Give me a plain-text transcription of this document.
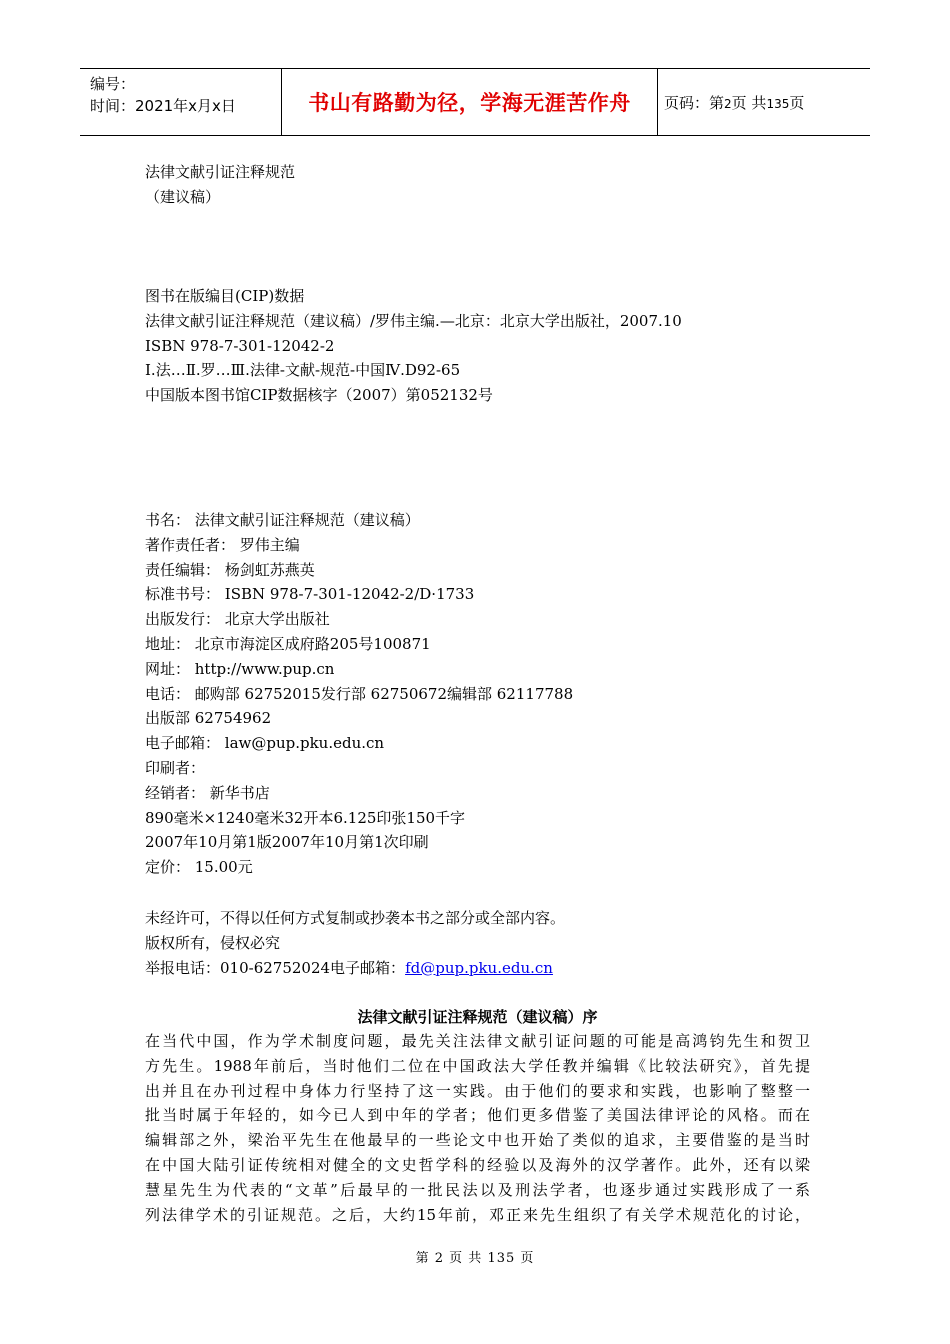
编号：
时间：2021年x月x日	书山有路勤为径，学海无涯苦作舟 页码：第2页 共135页
法律文献引证注释规范
（建议稿）
图书在版编目(CIP)数据
法律文献引证注释规范（建议稿）/罗伟主编.—北京：北京大学出版社，2007.10
ISBN 978-7-301-12042-2
Ⅰ.法…Ⅱ.罗…Ⅲ.法律-文献-规范-中国Ⅳ.D92-65
中国版本图书馆CIP数据核字（2007）第052132号
书名： 法律文献引证注释规范（建议稿）
著作责任者： 罗伟主编
责任编辑： 杨剑虹苏燕英
标准书号： ISBN 978-7-301-12042-2/D·1733
出版发行： 北京大学出版社
地址： 北京市海淀区成府路205号100871
网址： http://www.pup.cn
电话： 邮购部 62752015发行部 62750672编辑部 62117788
出版部 62754962
电子邮箱： law@pup.pku.edu.cn
印刷者：
经销者： 新华书店
890毫米×1240毫米32开本6.125印张150千字
2007年10月第1版2007年10月第1次印刷
定价： 15.00元
未经许可，不得以任何方式复制或抄袭本书之部分或全部内容。
版权所有，侵权必究
举报电话：010-62752024电子邮箱：fd@pup.pku.edu.cn
法律文献引证注释规范（建议稿）序
在当代中国，作为学术制度问题，最先关注法律文献引证问题的可能是高鸿钧先生和贺卫
方先生。1988年前后，当时他们二位在中国政法大学任教并编辑《比较法研究》，首先提
出并且在办刊过程中身体力行坚持了这一实践。由于他们的要求和实践，也影响了整整一
批当时属于年轻的，如今已人到中年的学者；他们更多借鉴了美国法律评论的风格。而在
编辑部之外，梁治平先生在他最早的一些论文中也开始了类似的追求，主要借鉴的是当时
在中国大陆引证传统相对健全的文史哲学科的经验以及海外的汉学著作。此外，还有以梁
慧星先生为代表的“文革”后最早的一批民法以及刑法学者，也逐步通过实践形成了一系
列法律学术的引证规范。之后，大约15年前，邓正来先生组织了有关学术规范化的讨论，
第 2 页 共 135 页
